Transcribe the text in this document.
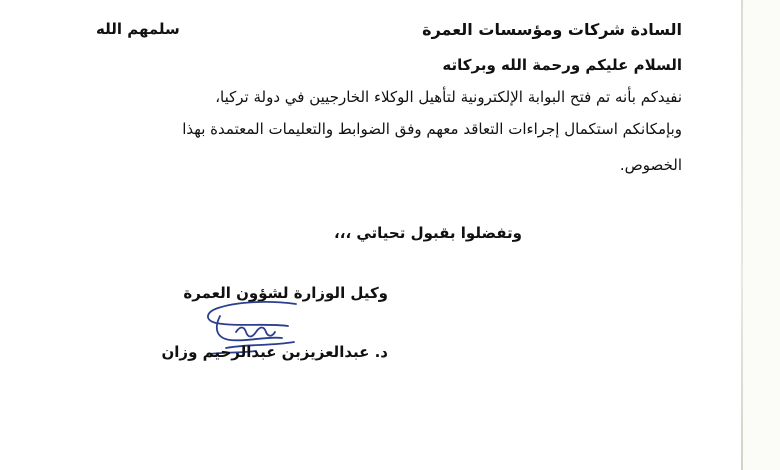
السادة شركات ومؤسسات العمرة
سلمهم الله
السلام عليكم ورحمة الله وبركاته
نفيدكم بأنه تم فتح البوابة الإلكترونية لتأهيل الوكلاء الخارجيين في دولة تركيا،
وبإمكانكم استكمال إجراءات التعاقد معهم وفق الضوابط والتعليمات المعتمدة بهذا
الخصوص.
وتفضلوا بقبول تحياتي ،،،
وكيل الوزارة لشؤون العمرة
د. عبدالعزيزبن عبدالرحيم وزان
